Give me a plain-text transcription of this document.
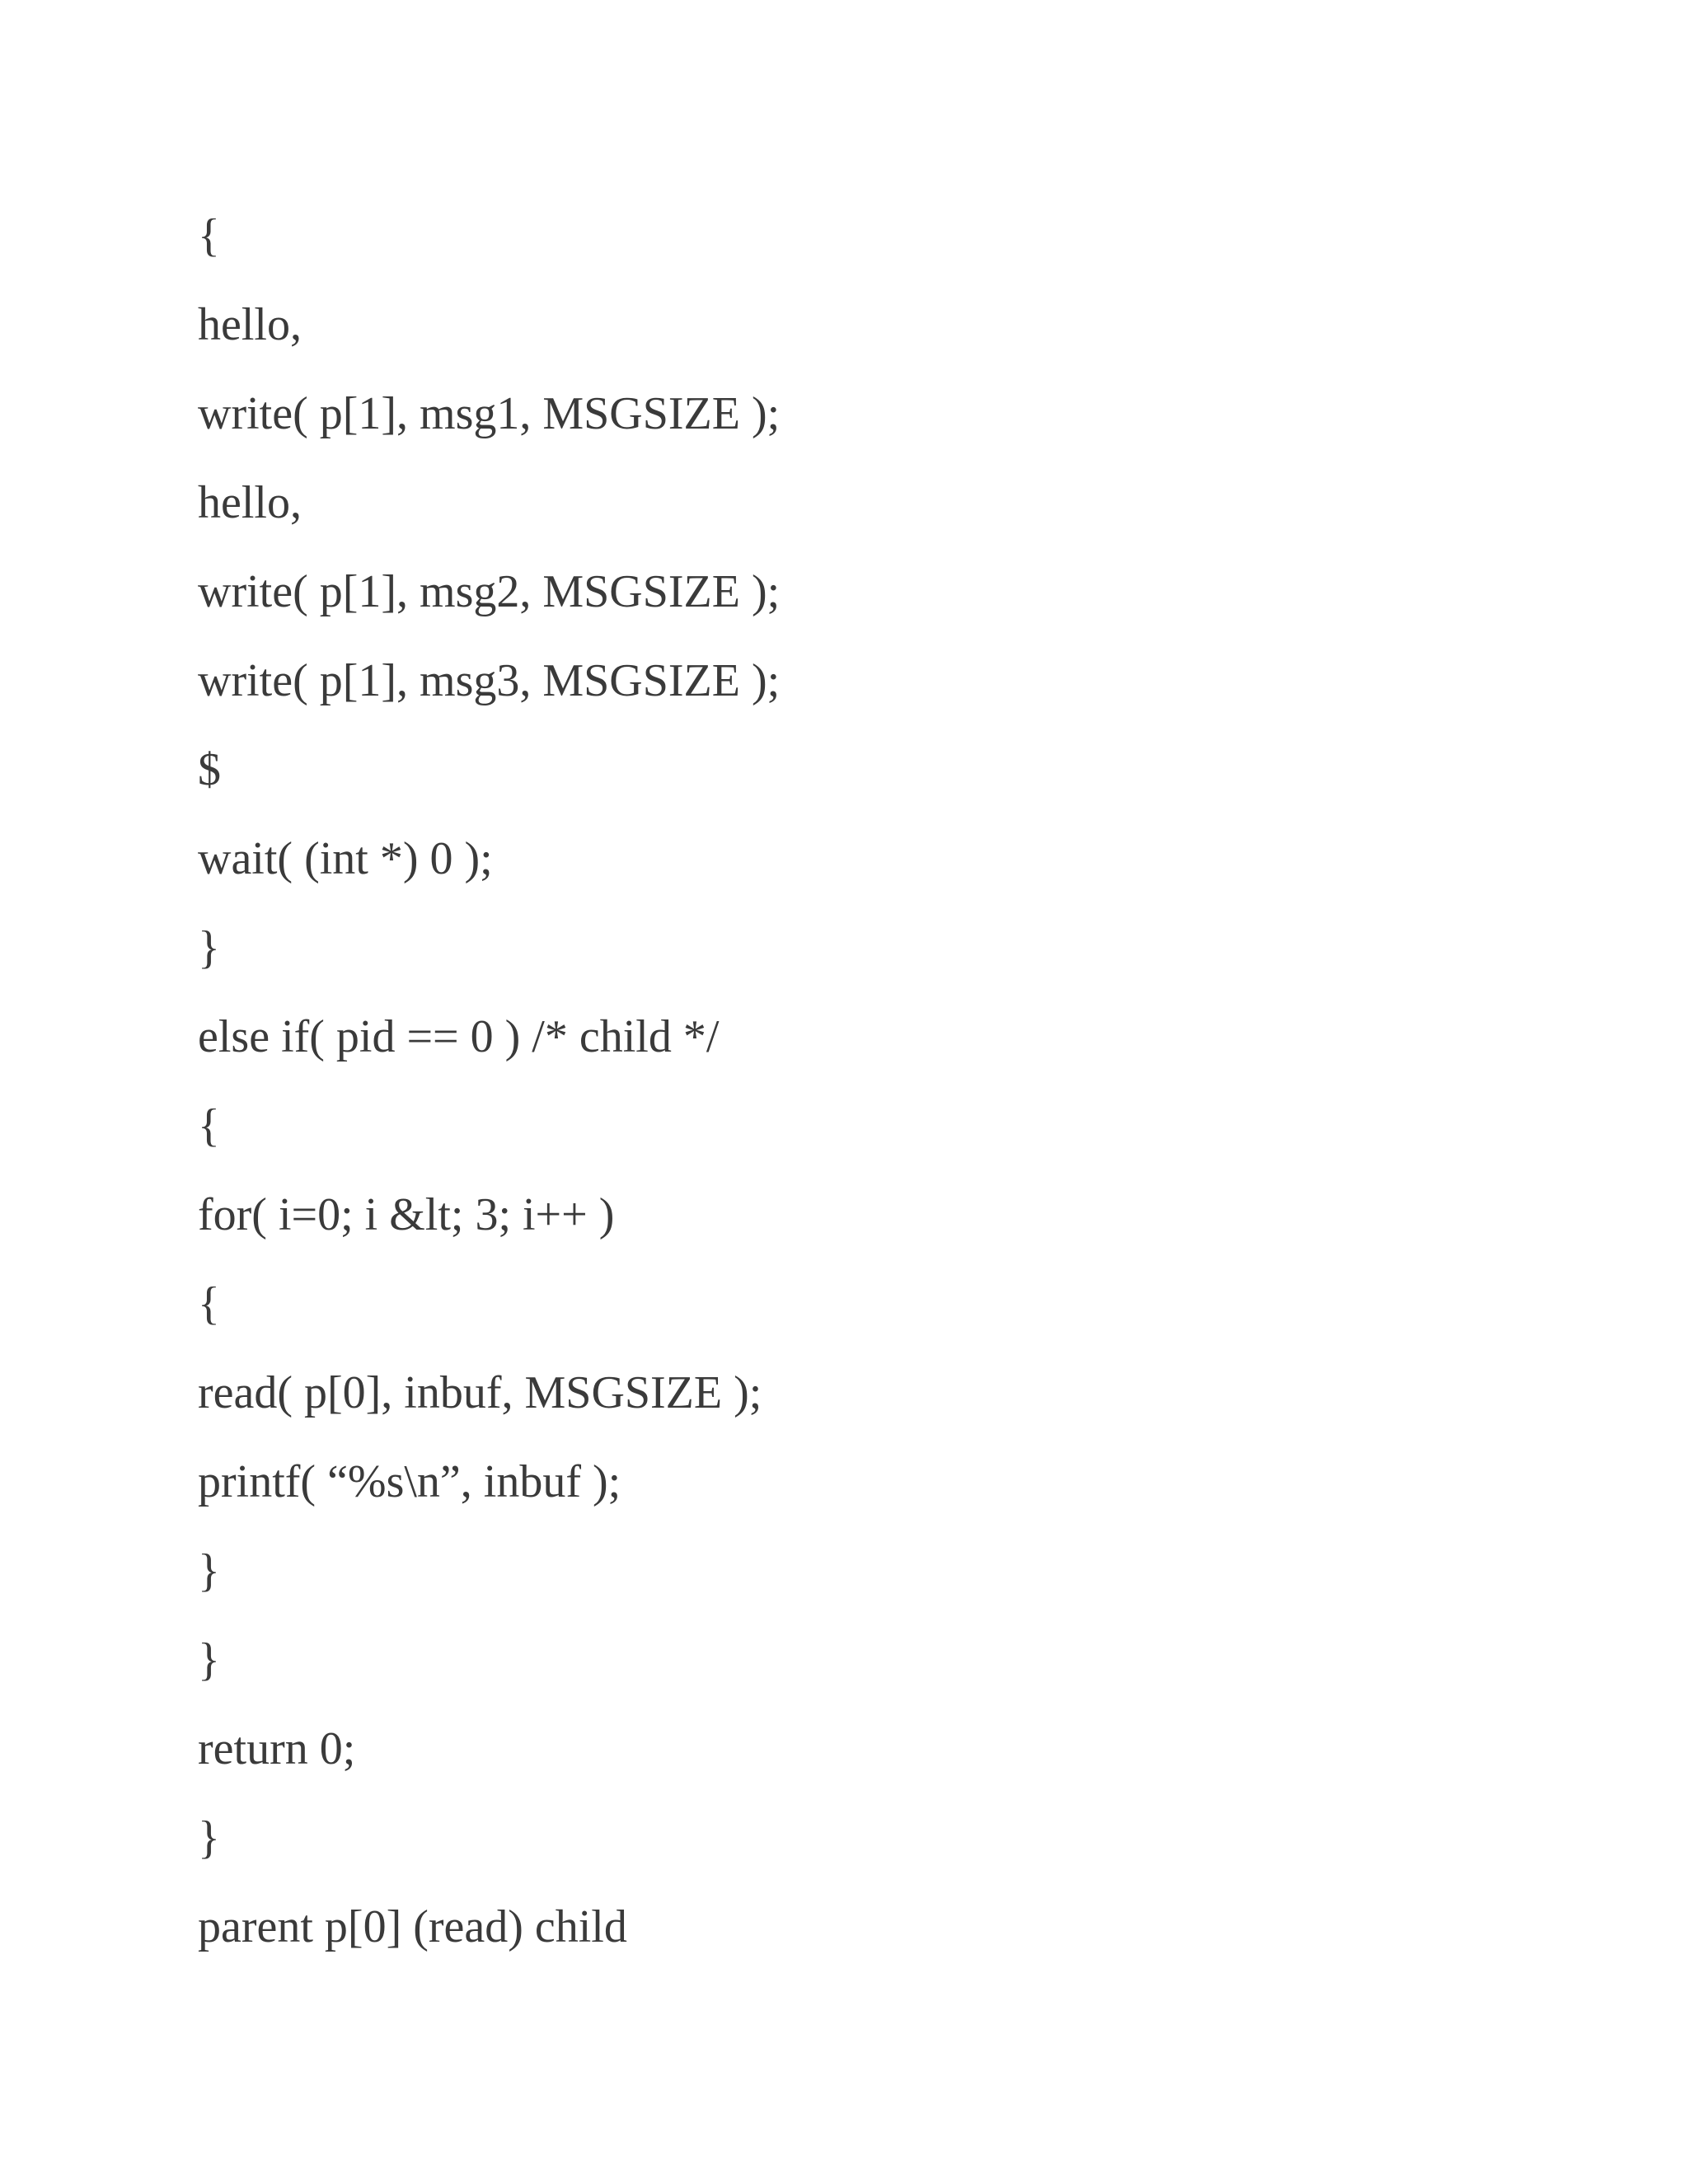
{
hello,
write( p[1], msg1, MSGSIZE );
hello,
write( p[1], msg2, MSGSIZE );
write( p[1], msg3, MSGSIZE );
$
wait( (int *) 0 );
}
else if( pid == 0 ) /* child */
{
for( i=0; i &lt; 3; i++ )
{
read( p[0], inbuf, MSGSIZE );
printf( “%s\n”, inbuf );
}
}
return 0;
}
parent p[0] (read) child
